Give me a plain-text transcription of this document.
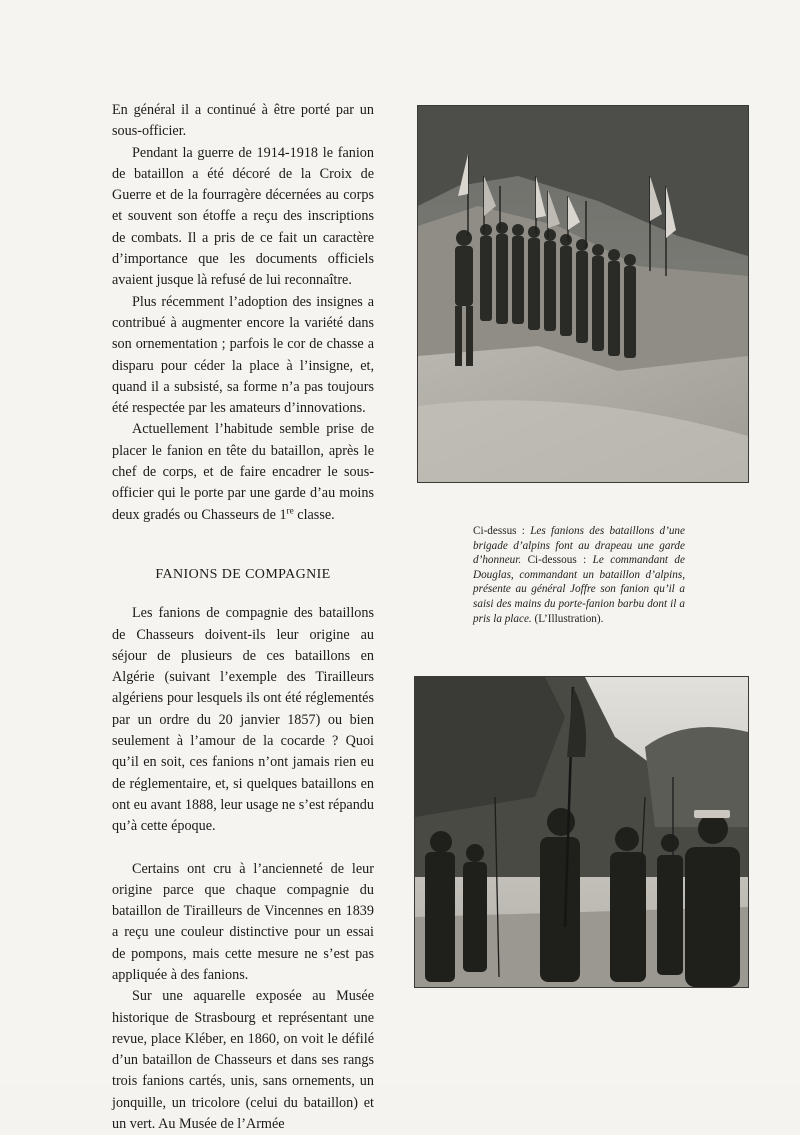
En général il a continué à être porté par un sous-officier.

Pendant la guerre de 1914-1918 le fanion de bataillon a été décoré de la Croix de Guerre et de la fourragère décernées au corps et souvent son étoffe a reçu des inscriptions de combats. Il a pris de ce fait un caractère d’importance que les documents officiels avaient jusque là refusé de lui reconnaître.

Plus récemment l’adoption des insignes a contribué à augmenter encore la variété dans son ornementation ; parfois le cor de chasse a disparu pour céder la place à l’insigne, et, quand il a subsisté, sa forme n’a pas toujours été respectée par les amateurs d’innovations.

Actuellement l’habitude semble prise de placer le fanion en tête du bataillon, après le chef de corps, et de faire encadrer le sous-officier qui le porte par une garde d’au moins deux gradés ou Chasseurs de 1re classe.

FANIONS DE COMPAGNIE

Les fanions de compagnie des bataillons de Chasseurs doivent-ils leur origine au séjour de plusieurs de ces bataillons en Algérie (suivant l’exemple des Tirailleurs algériens pour lesquels ils ont été réglementés par un ordre du 20 janvier 1857) ou bien seulement à l’amour de la cocarde ? Quoi qu’il en soit, ces fanions n’ont jamais rien eu de réglementaire, et, si quelques bataillons en ont eu avant 1888, leur usage ne s’est répandu qu’à cette époque.

Certains ont cru à l’ancienneté de leur origine parce que chaque compagnie du bataillon de Tirailleurs de Vincennes en 1839 a reçu une couleur distinctive pour un essai de pompons, mais cette mesure ne s’est pas appliquée à des fanions.

Sur une aquarelle exposée au Musée historique de Strasbourg et représentant une revue, place Kléber, en 1860, on voit le défilé d’un bataillon de Chasseurs et dans ses rangs trois fanions cartés, unis, sans ornements, un jonquille, un tricolore (celui du bataillon) et un vert. Au Musée de l’Armée

Ci-dessus : Les fanions des bataillons d’une brigade d’alpins font au drapeau une garde d’honneur. Ci-dessous : Le commandant de Douglas, commandant un bataillon d’alpins, présente au général Joffre son fanion qu’il a saisi des mains du porte-fanion barbu dont il a pris la place. (L’Illustration).
